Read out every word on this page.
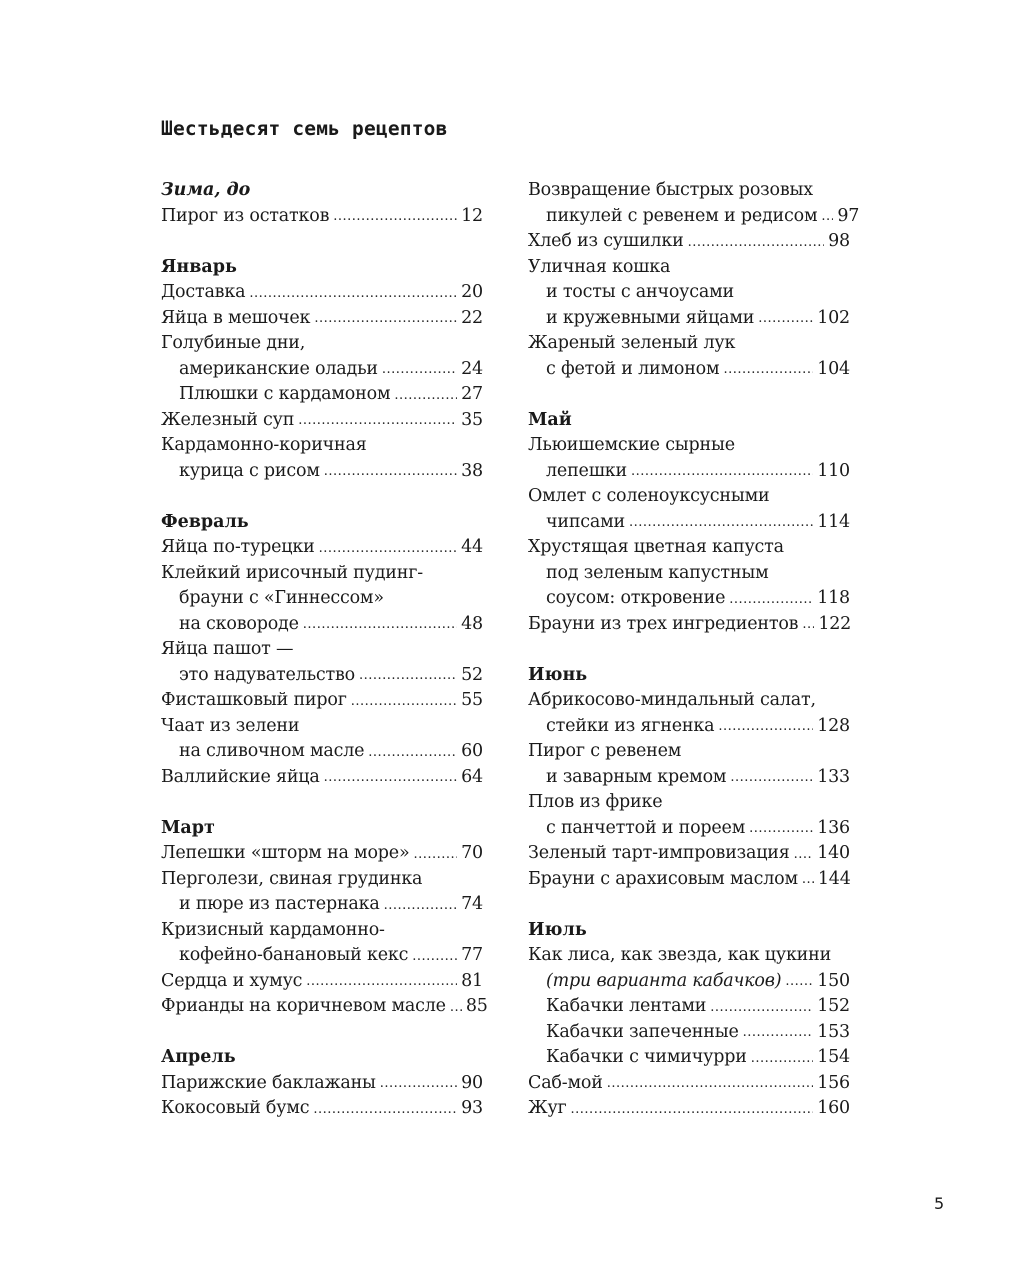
Шестьдесят семь рецептов
Зима, до
Пирог из остатков .....	12
Январь
Доставка .....	20
Яйца в мешочек .....	22
Голубиные дни,
американские оладьи .....	24
Плюшки с кардамоном .....	27
Железный суп .....	35
Кардамонно-коричная
курица с рисом .....	38
Февраль
Яйца по-турецки .....	44
Клейкий ирисочный пудинг-
брауни с «Гиннессом»
на сковороде .....	48
Яйца пашот —
это надувательство .....	52
Фисташковый пирог .....	55
Чаат из зелени
на сливочном масле .....	60
Валлийские яйца .....	64
Март
Лепешки «шторм на море» .....	70
Перголези, свиная грудинка
и пюре из пастернака .....	74
Кризисный кардамонно-
кофейно-банановый кекс .....	77
Сердца и хумус .....	81
Фрианды на коричневом масле ..... 85
Апрель
Парижские баклажаны .....	90
Кокосовый бумс .....	93
Возвращение быстрых розовых
пикулей с ревенем и редисом ..... 97
Хлеб из сушилки .....	98
Уличная кошка
и тосты с анчоусами
и кружевными яйцами .....	102
Жареный зеленый лук
с фетой и лимоном .....	104
Май
Льюишемские сырные
лепешки .....	110
Омлет с соленоуксусными
чипсами .....	114
Хрустящая цветная капуста
под зеленым капустным
соусом: откровение .....	118
Брауни из трех ингредиентов ..... 122
Июнь
Абрикосово-миндальный салат,
стейки из ягненка .....	128
Пирог с ревенем
и заварным кремом .....	133
Плов из фрике
с панчеттой и пореем .....	136
Зеленый тарт-импровизация ..... 140
Брауни с арахисовым маслом ..... 144
Июль
Как лиса, как звезда, как цукини
(три варианта кабачков) ..... 150
Кабачки лентами .....	152
Кабачки запеченные .....	153
Кабачки с чимичурри .....	154
Саб-мой .....	156
Жуг .....	160
5
